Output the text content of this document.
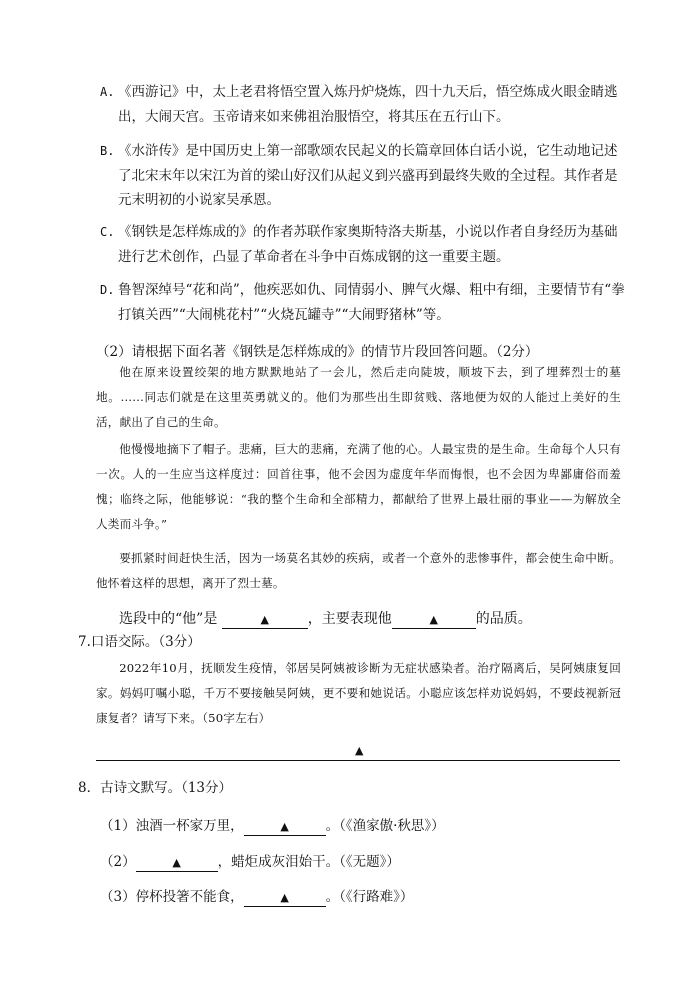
A. 《西游记》中，太上老君将悟空置入炼丹炉烧炼，四十九天后，悟空炼成火眼金睛逃出，大闹天宫。玉帝请来如来佛祖治服悟空，将其压在五行山下。
B. 《水浒传》是中国历史上第一部歌颂农民起义的长篇章回体白话小说，它生动地记述了北宋末年以宋江为首的梁山好汉们从起义到兴盛再到最终失败的全过程。其作者是元末明初的小说家吴承恩。
C. 《钢铁是怎样炼成的》的作者苏联作家奥斯特洛夫斯基，小说以作者自身经历为基础进行艺术创作，凸显了革命者在斗争中百炼成钢的这一重要主题。
D. 鲁智深绰号“花和尚”，他疾恶如仇、同情弱小、脾气火爆、粗中有细，主要情节有“拳打镇关西”“大闹桃花村”“火烧瓦罐寺”“大闹野猪林”等。
（2）请根据下面名著《钢铁是怎样炼成的》的情节片段回答问题。（2分）
他在原来设置绞架的地方默默地站了一会儿，然后走向陡坡，顺坡下去，到了埋葬烈士的墓地。……同志们就是在这里英勇就义的。他们为那些出生即贫贱、落地便为奴的人能过上美好的生活，献出了自己的生命。
他慢慢地摘下了帽子。悲痛，巨大的悲痛，充满了他的心。人最宝贵的是生命。生命每个人只有一次。人的一生应当这样度过：回首往事，他不会因为虚度年华而悔恨，也不会因为卑鄙庸俗而羞愧；临终之际，他能够说：“我的整个生命和全部精力，都献给了世界上最壮丽的事业——为解放全人类而斗争。”
要抓紧时间赶快生活，因为一场莫名其妙的疾病，或者一个意外的悲惨事件，都会使生命中断。他怀着这样的思想，离开了烈士墓。
选段中的“他”是	▲	，主要表现他	▲	的品质。
7.口语交际。（3分）
2022年10月，抚顺发生疫情，邻居吴阿姨被诊断为无症状感染者。治疗隔离后，吴阿姨康复回家。妈妈叮嘱小聪，千万不要接触吴阿姨，更不要和她说话。小聪应该怎样劝说妈妈，不要歧视新冠康复者？请写下来。（50字左右）
▲
8．古诗文默写。（13分）
（1）浊酒一杯家万里，	▲	。（《渔家傲·秋思》）
（2）	▲	，蜡炬成灰泪始干。（《无题》）
（3）停杯投箸不能食，	▲	。（《行路难》）
